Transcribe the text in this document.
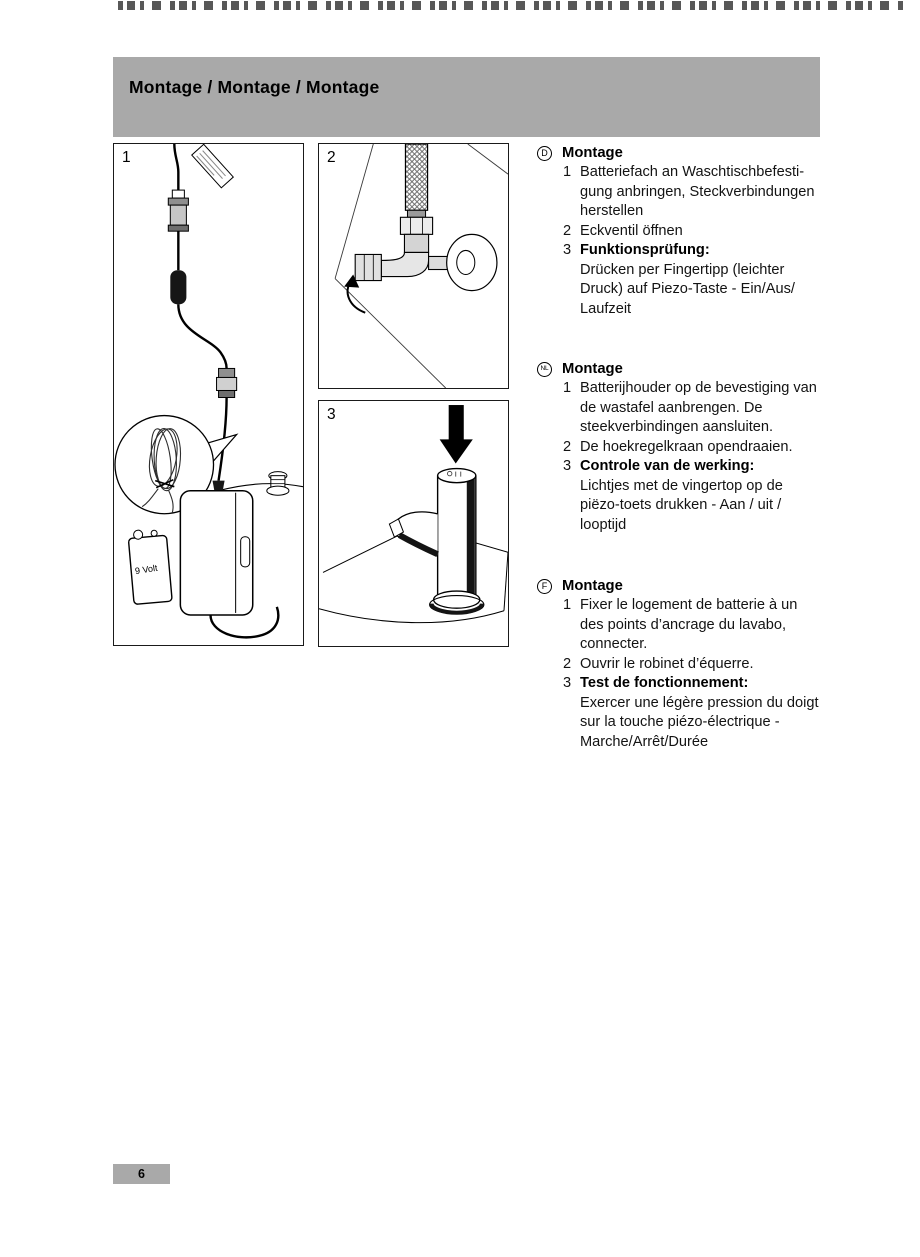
Montage / Montage / Montage
1
9 Volt
2
3
D Montage
1 Batteriefach an Waschtischbefesti-gung anbringen, Steckverbindungen herstellen
2 Eckventil öffnen
3 Funktionsprüfung:
Drücken per Fingertipp (leichter Druck) auf Piezo-Taste - Ein/Aus/ Laufzeit
NL Montage
1 Batterijhouder op de bevestiging van de wastafel aanbrengen. De steekverbindingen aansluiten.
2 De hoekregelkraan opendraaien.
3 Controle van de werking:
Lichtjes met de vingertop op de piëzo-toets drukken - Aan / uit / looptijd
F Montage
1 Fixer le logement de batterie à un des points d’ancrage du lavabo, connecter.
2 Ouvrir le robinet d’équerre.
3 Test de fonctionnement:
Exercer une légère pression du doigt sur la touche piézo-électrique - Marche/Arrêt/Durée
6
